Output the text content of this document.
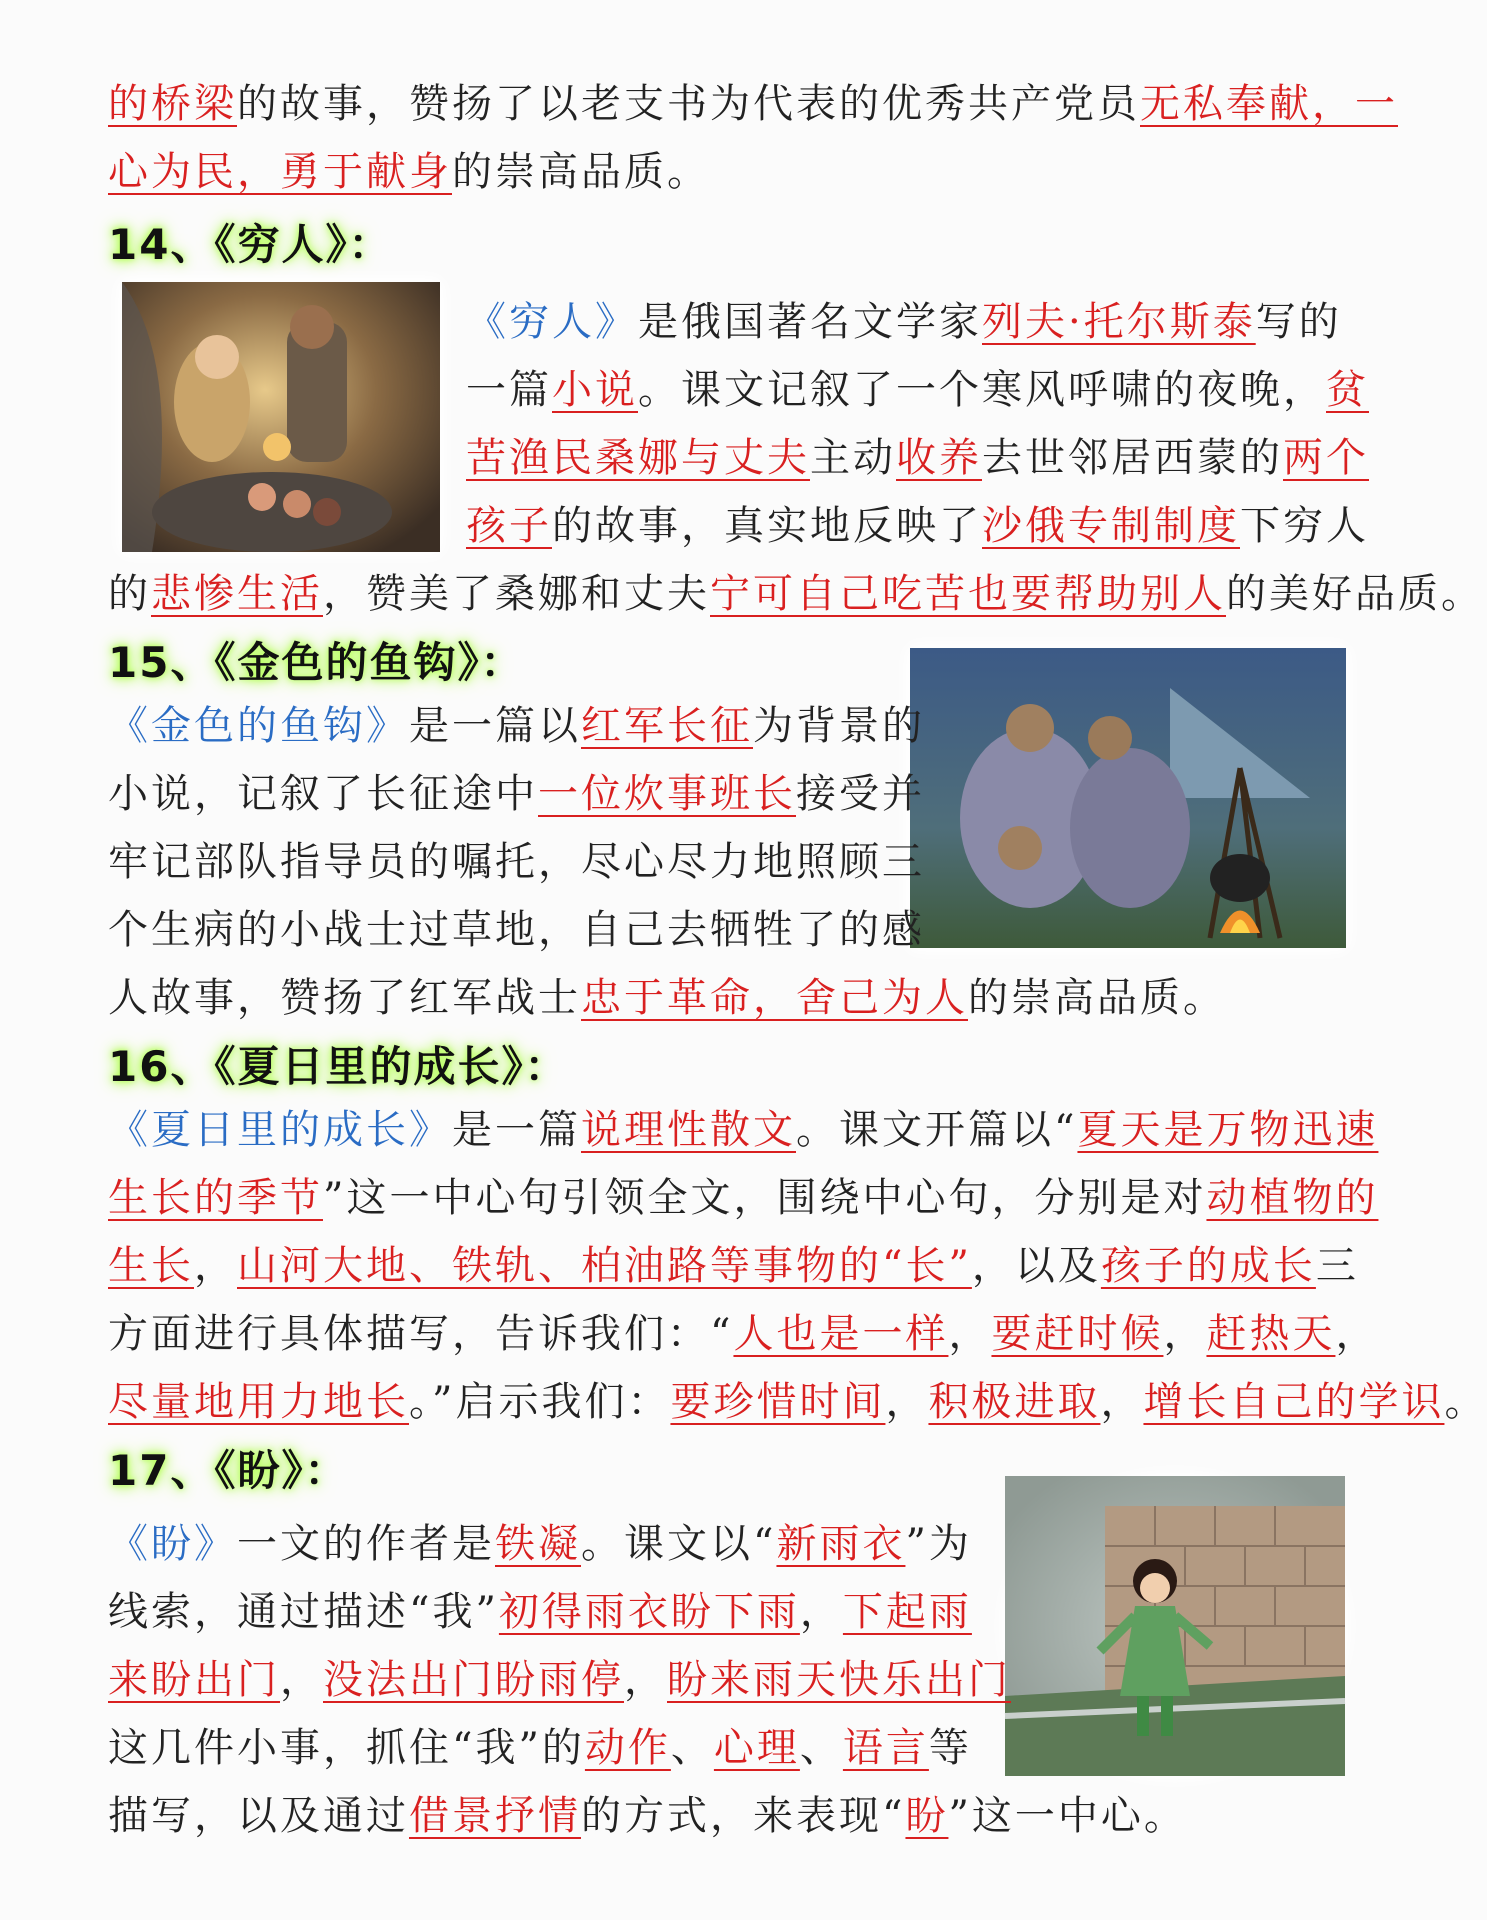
的桥梁的故事，赞扬了以老支书为代表的优秀共产党员无私奉献，一
心为民，勇于献身的崇高品质。
14、《穷人》：
《穷人》是俄国著名文学家列夫·托尔斯泰写的
一篇小说。课文记叙了一个寒风呼啸的夜晚，贫
苦渔民桑娜与丈夫主动收养去世邻居西蒙的两个
孩子的故事，真实地反映了沙俄专制制度下穷人
的悲惨生活，赞美了桑娜和丈夫宁可自己吃苦也要帮助别人的美好品质。
15、《金色的鱼钩》：
《金色的鱼钩》是一篇以红军长征为背景的
小说，记叙了长征途中一位炊事班长接受并
牢记部队指导员的嘱托，尽心尽力地照顾三
个生病的小战士过草地，自己去牺牲了的感
人故事，赞扬了红军战士忠于革命，舍己为人的崇高品质。
16、《夏日里的成长》：
《夏日里的成长》是一篇说理性散文。课文开篇以“夏天是万物迅速
生长的季节”这一中心句引领全文，围绕中心句，分别是对动植物的
生长，山河大地、铁轨、柏油路等事物的“长”，以及孩子的成长三
方面进行具体描写，告诉我们：“人也是一样，要赶时候，赶热天，
尽量地用力地长。”启示我们：要珍惜时间，积极进取，增长自己的学识。
17、《盼》：
《盼》一文的作者是铁凝。课文以“新雨衣”为
线索，通过描述“我”初得雨衣盼下雨，下起雨
来盼出门，没法出门盼雨停，盼来雨天快乐出门
这几件小事，抓住“我”的动作、心理、语言等
描写，以及通过借景抒情的方式，来表现“盼”这一中心。
